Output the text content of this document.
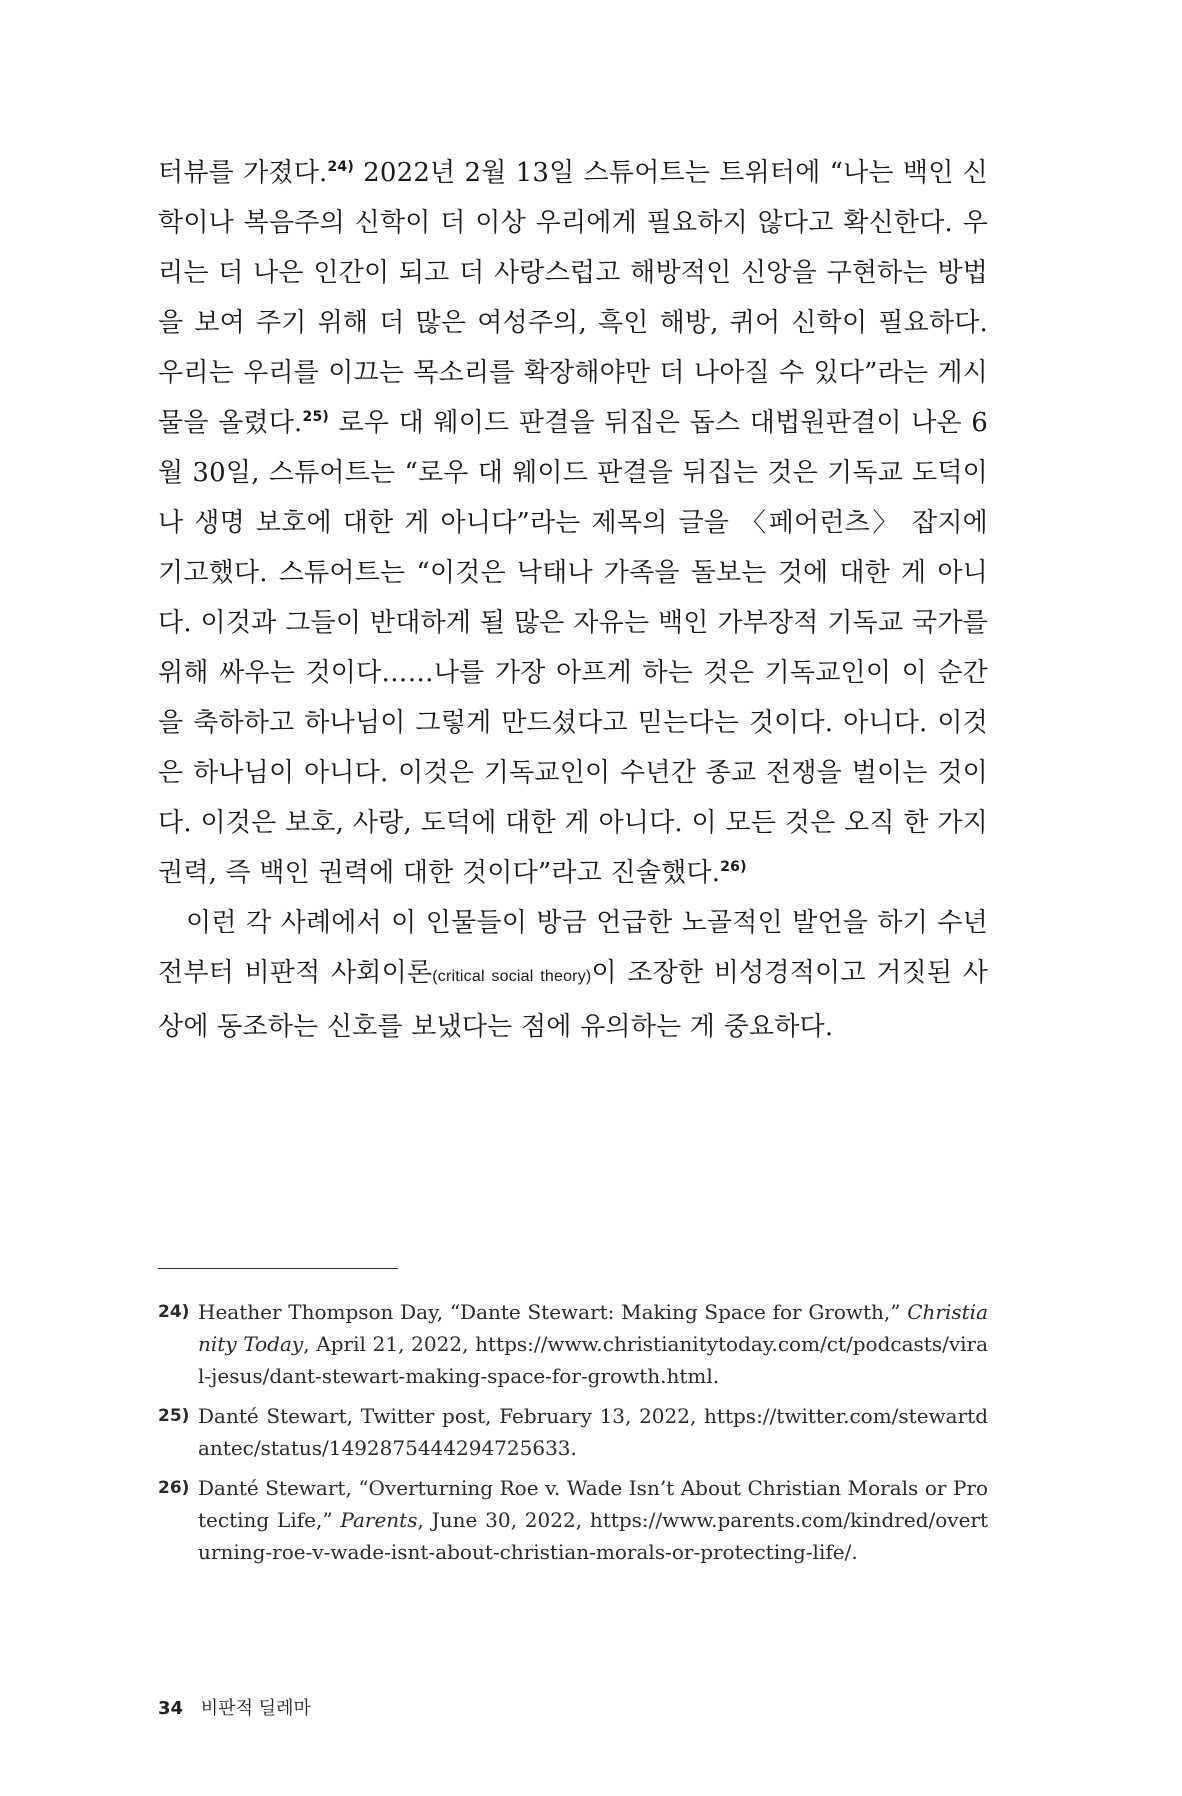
터뷰를 가졌다.$^{24)}$ 2022년 2월 13일 스튜어트는 트위터에 “나는 백인 신학이나 복음주의 신학이 더 이상 우리에게 필요하지 않다고 확신한다. 우리는 더 나은 인간이 되고 더 사랑스럽고 해방적인 신앙을 구현하는 방법을 보여 주기 위해 더 많은 여성주의, 흑인 해방, 퀴어 신학이 필요하다. 우리는 우리를 이끄는 목소리를 확장해야만 더 나아질 수 있다”라는 게시물을 올렸다.$^{25)}$ 로우 대 웨이드 판결을 뒤집은 돕스 대법원판결이 나온 6월 30일, 스튜어트는 “로우 대 웨이드 판결을 뒤집는 것은 기독교 도덕이나 생명 보호에 대한 게 아니다”라는 제목의 글을 〈페어런츠〉 잡지에 기고했다. 스튜어트는 “이것은 낙태나 가족을 돌보는 것에 대한 게 아니다. 이것과 그들이 반대하게 될 많은 자유는 백인 가부장적 기독교 국가를 위해 싸우는 것이다……나를 가장 아프게 하는 것은 기독교인이 이 순간을 축하하고 하나님이 그렇게 만드셨다고 믿는다는 것이다. 아니다. 이것은 하나님이 아니다. 이것은 기독교인이 수년간 종교 전쟁을 벌이는 것이다. 이것은 보호, 사랑, 도덕에 대한 게 아니다. 이 모든 것은 오직 한 가지 권력, 즉 백인 권력에 대한 것이다”라고 진술했다.$^{26)}$

이런 각 사례에서 이 인물들이 방금 언급한 노골적인 발언을 하기 수년 전부터 비판적 사회이론(critical social theory)이 조장한 비성경적이고 거짓된 사상에 동조하는 신호를 보냈다는 점에 유의하는 게 중요하다.

24) Heather Thompson Day, “Dante Stewart: Making Space for Growth,” Christianity Today, April 21, 2022, https://www.christianitytoday.com/ct/podcasts/viral-jesus/dant-stewart-making-space-for-growth.html.
25) Danté Stewart, Twitter post, February 13, 2022, https://twitter.com/stewartdantec/status/1492875444294725633.
26) Danté Stewart, “Overturning Roe v. Wade Isn’t About Christian Morals or Protecting Life,” Parents, June 30, 2022, https://www.parents.com/kindred/overturning-roe-v-wade-isnt-about-christian-morals-or-protecting-life/.
34 비판적 딜레마
